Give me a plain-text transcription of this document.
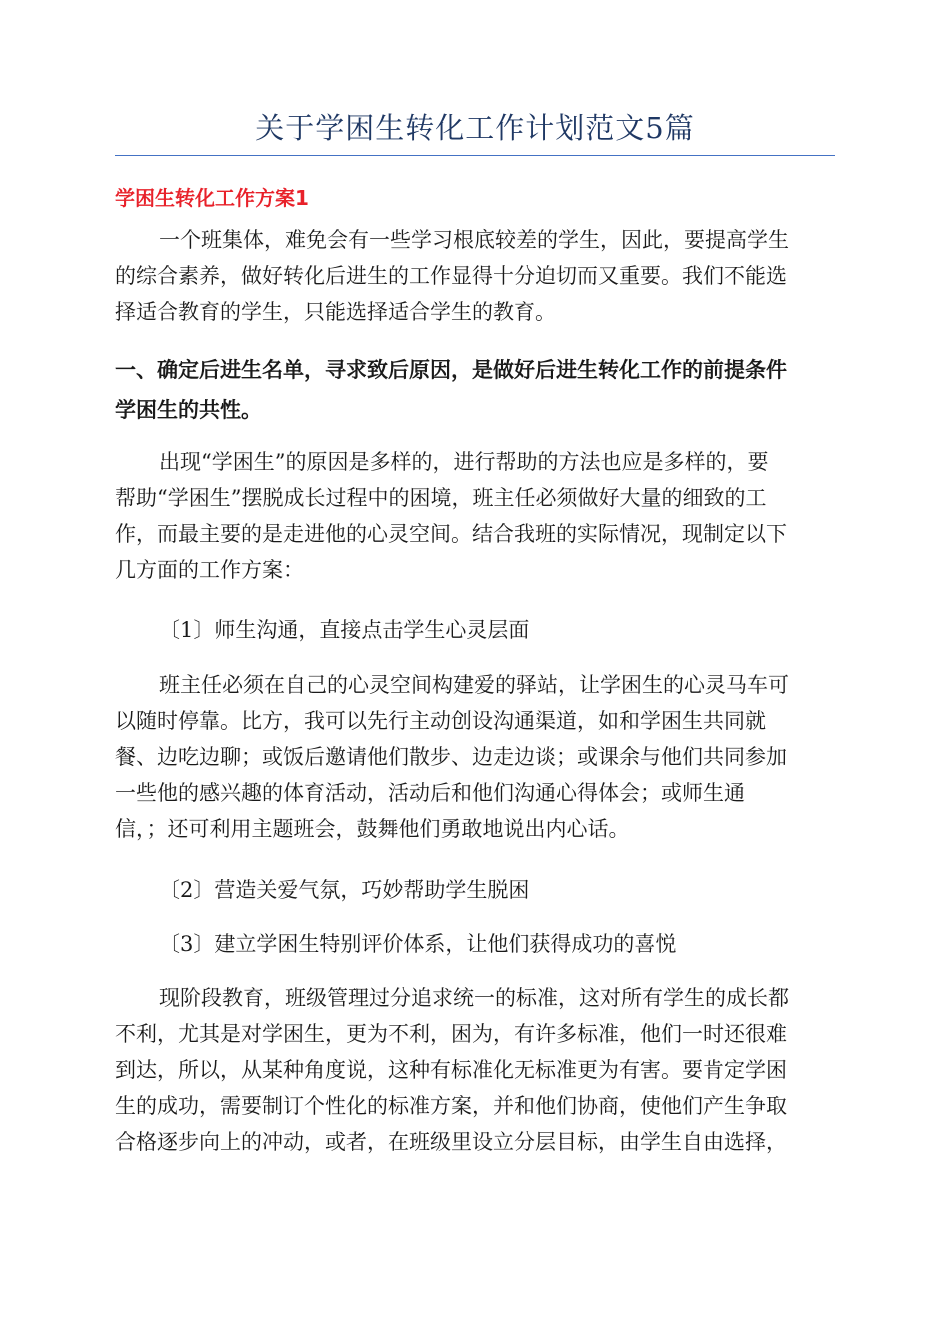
关于学困生转化工作计划范文5篇
学困生转化工作方案1
一个班集体，难免会有一些学习根底较差的学生，因此，要提高学生
的综合素养，做好转化后进生的工作显得十分迫切而又重要。我们不能选
择适合教育的学生，只能选择适合学生的教育。
一、确定后进生名单，寻求致后原因，是做好后进生转化工作的前提条件
学困生的共性。
出现“学困生”的原因是多样的，进行帮助的方法也应是多样的，要
帮助“学困生”摆脱成长过程中的困境，班主任必须做好大量的细致的工
作，而最主要的是走进他的心灵空间。结合我班的实际情况，现制定以下
几方面的工作方案：
〔1〕师生沟通，直接点击学生心灵层面
班主任必须在自己的心灵空间构建爱的驿站，让学困生的心灵马车可
以随时停靠。比方，我可以先行主动创设沟通渠道，如和学困生共同就
餐、边吃边聊；或饭后邀请他们散步、边走边谈；或课余与他们共同参加
一些他的感兴趣的体育活动，活动后和他们沟通心得体会；或师生通
信，；还可利用主题班会，鼓舞他们勇敢地说出内心话。
〔2〕营造关爱气氛，巧妙帮助学生脱困
〔3〕建立学困生特别评价体系，让他们获得成功的喜悦
现阶段教育，班级管理过分追求统一的标准，这对所有学生的成长都
不利，尤其是对学困生，更为不利，困为，有许多标准，他们一时还很难
到达，所以，从某种角度说，这种有标准化无标准更为有害。要肯定学困
生的成功，需要制订个性化的标准方案，并和他们协商，使他们产生争取
合格逐步向上的冲动，或者，在班级里设立分层目标，由学生自由选择，
